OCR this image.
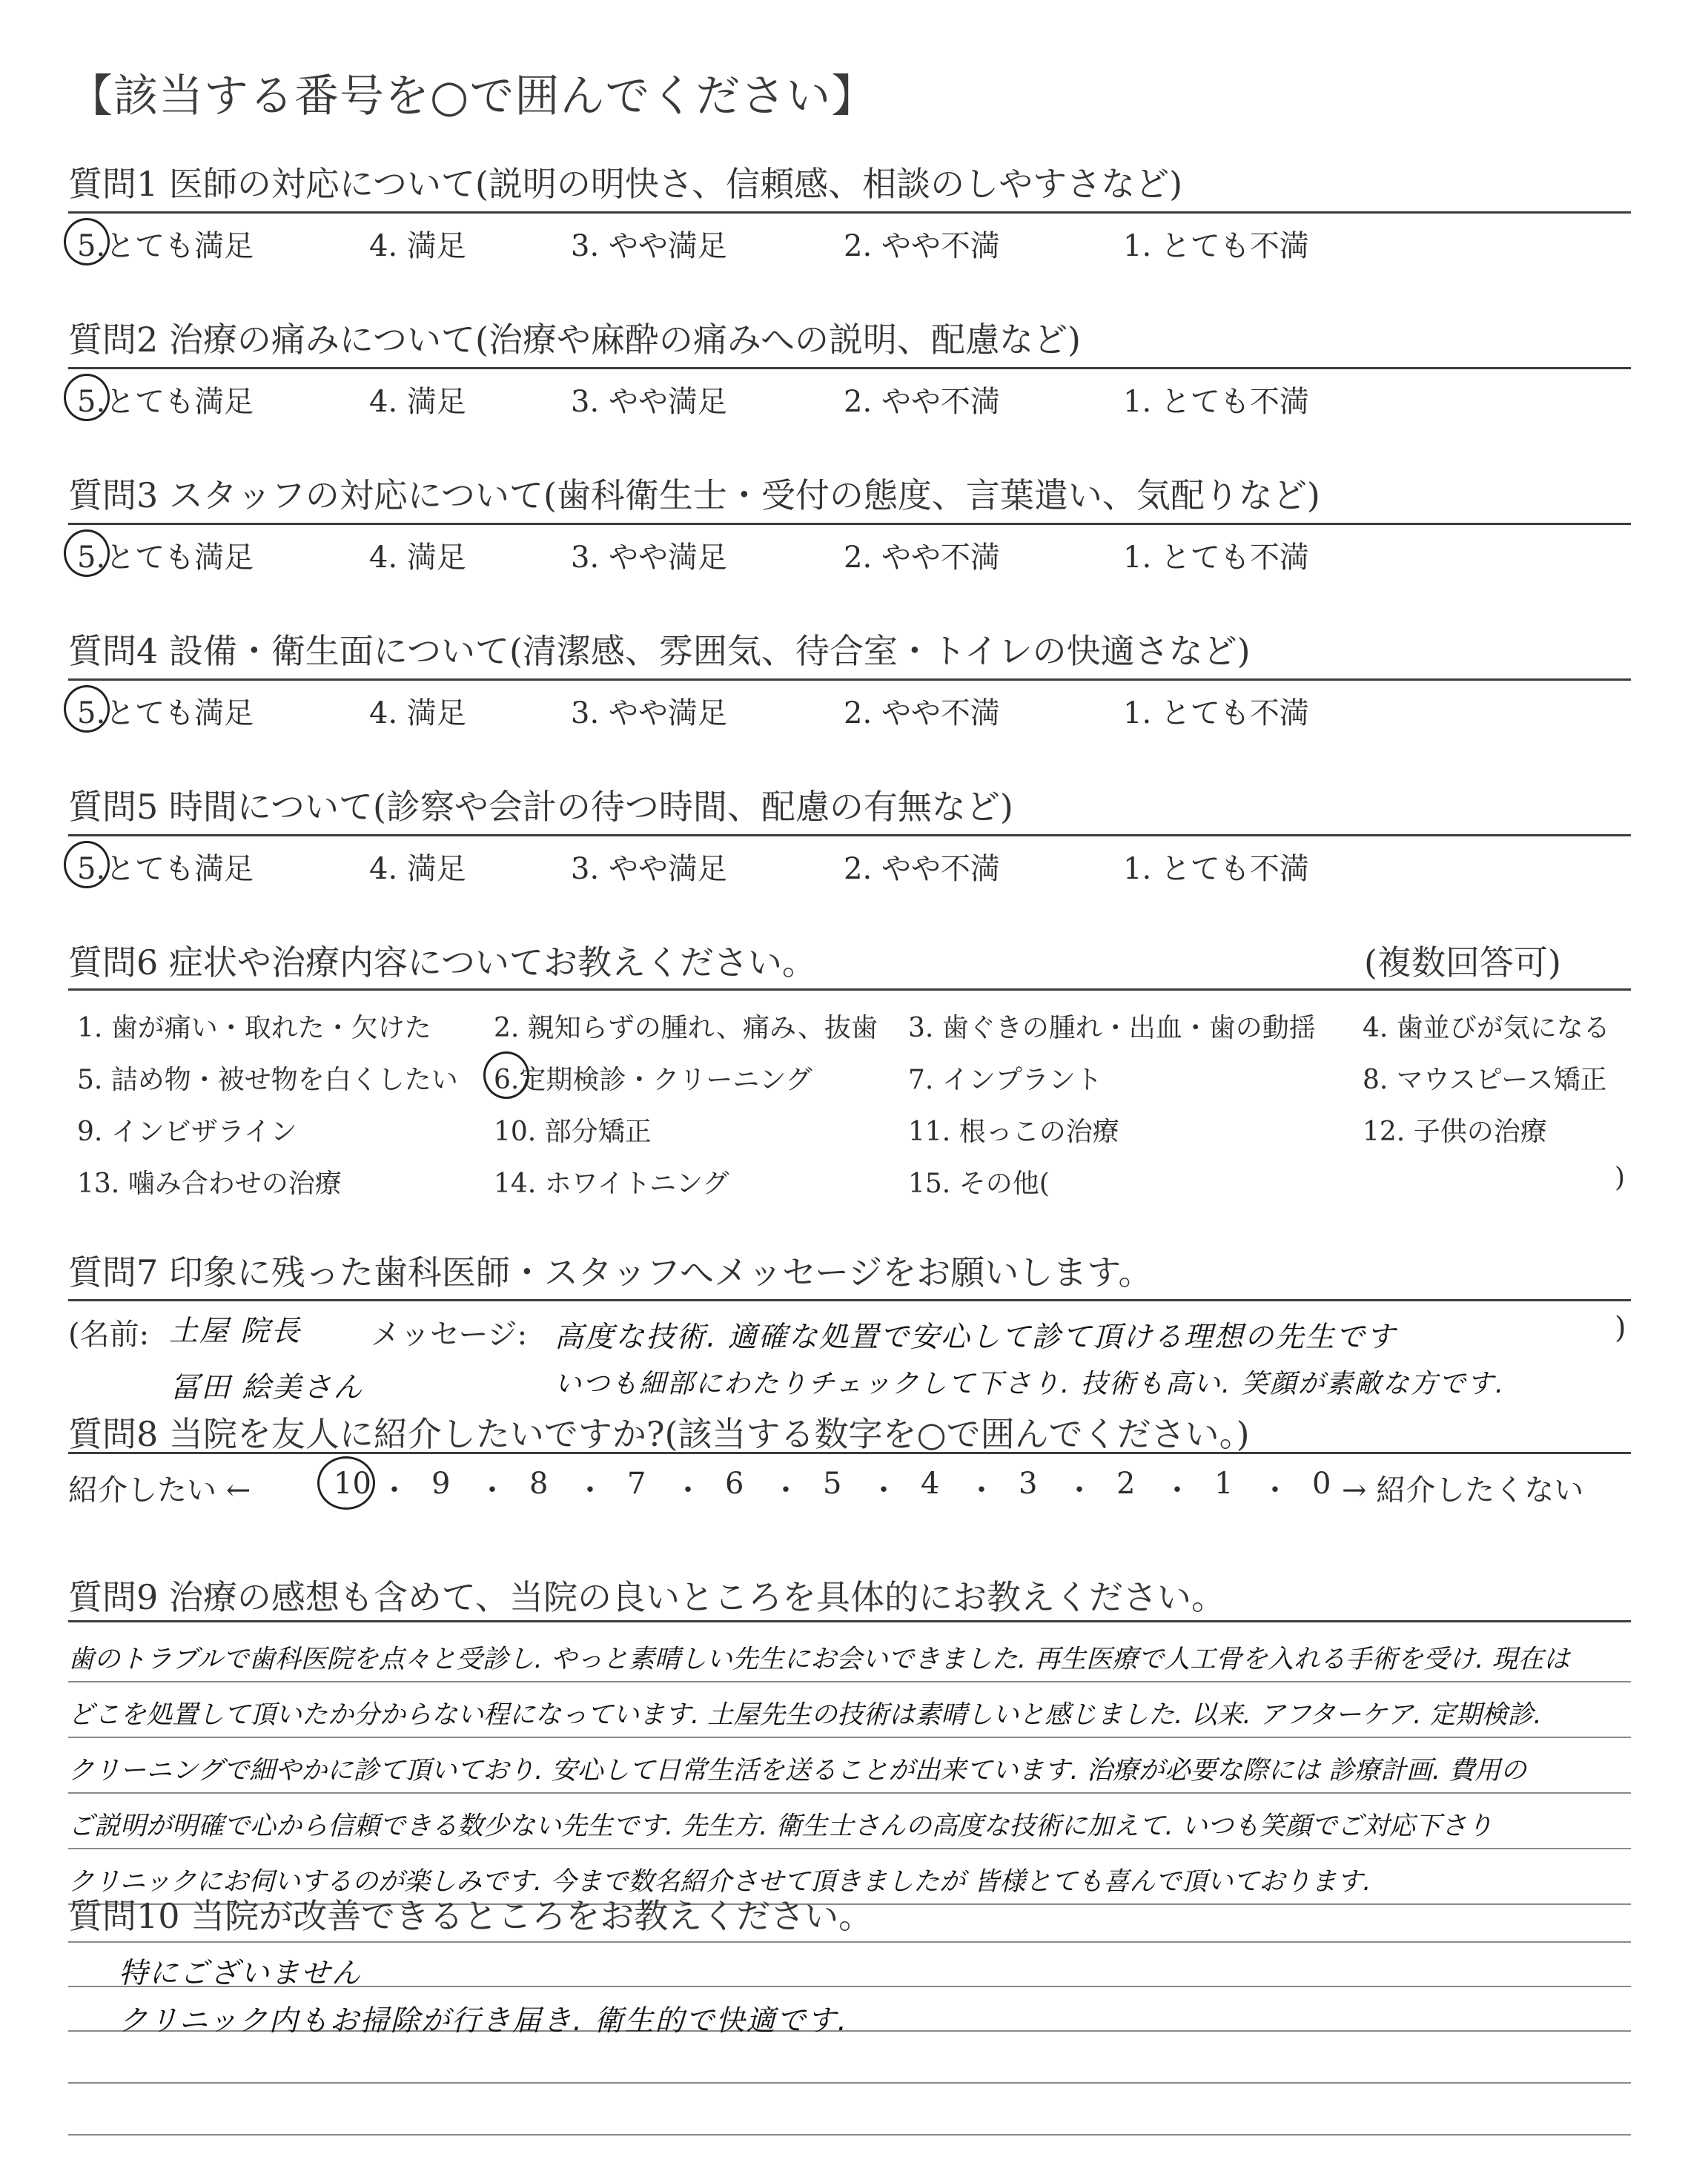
【該当する番号を○で囲んでください】
質問1 医師の対応について(説明の明快さ、信頼感、相談のしやすさなど)
5.とても満足	4. 満足	3. やや満足	2. やや不満	1. とても不満
質問2 治療の痛みについて(治療や麻酔の痛みへの説明、配慮など)
5.とても満足	4. 満足	3. やや満足	2. やや不満	1. とても不満
質問3 スタッフの対応について(歯科衛生士・受付の態度、言葉遣い、気配りなど)
5.とても満足	4. 満足	3. やや満足	2. やや不満	1. とても不満
質問4 設備・衛生面について(清潔感、雰囲気、待合室・トイレの快適さなど)
5.とても満足	4. 満足	3. やや満足	2. やや不満	1. とても不満
質問5 時間について(診察や会計の待つ時間、配慮の有無など)
5.とても満足	4. 満足	3. やや満足	2. やや不満	1. とても不満
質問6 症状や治療内容についてお教えください。	(複数回答可)
1. 歯が痛い・取れた・欠けた 2. 親知らずの腫れ、痛み、抜歯 3. 歯ぐきの腫れ・出血・歯の動揺 4. 歯並びが気になる
5. 詰め物・被せ物を白くしたい 6.定期検診・クリーニング	7. インプラント	8. マウスピース矯正
9. インビザライン	10. 部分矯正	11. 根っこの治療	12. 子供の治療
13. 噛み合わせの治療	14. ホワイトニング	15. その他(	)
質問7 印象に残った歯科医師・スタッフへメッセージをお願いします。
(名前: 土屋 院長
冨田 絵美さん
メッセージ: 高度な技術. 適確な処置で安心して診て頂ける理想の先生です
いつも細部にわたりチェックして下さり. 技術も高い. 笑顔が素敵な方です.
)
質問8 当院を友人に紹介したいですか?(該当する数字を○で囲んでください。)
紹介したい ←	→ 紹介したくない
10 ・ 9 ・ 8 ・ 7 ・ 6 ・ 5 ・ 4 ・ 3 ・ 2 ・ 1 ・ 0
質問9 治療の感想も含めて、当院の良いところを具体的にお教えください。
歯のトラブルで歯科医院を点々と受診し. やっと素晴しい先生にお会いできました. 再生医療で人工骨を入れる手術を受け. 現在は
どこを処置して頂いたか分からない程になっています. 土屋先生の技術は素晴しいと感じました. 以来. アフターケア. 定期検診.
クリーニングで細やかに診て頂いており. 安心して日常生活を送ることが出来ています. 治療が必要な際には 診療計画. 費用の
ご説明が明確で心から信頼できる数少ない先生です. 先生方. 衛生士さんの高度な技術に加えて. いつも笑顔でご対応下さり
クリニックにお伺いするのが楽しみです. 今まで数名紹介させて頂きましたが 皆様とても喜んで頂いております.
質問10 当院が改善できるところをお教えください。
特にございません
クリニック内もお掃除が行き届き. 衛生的で快適です.
